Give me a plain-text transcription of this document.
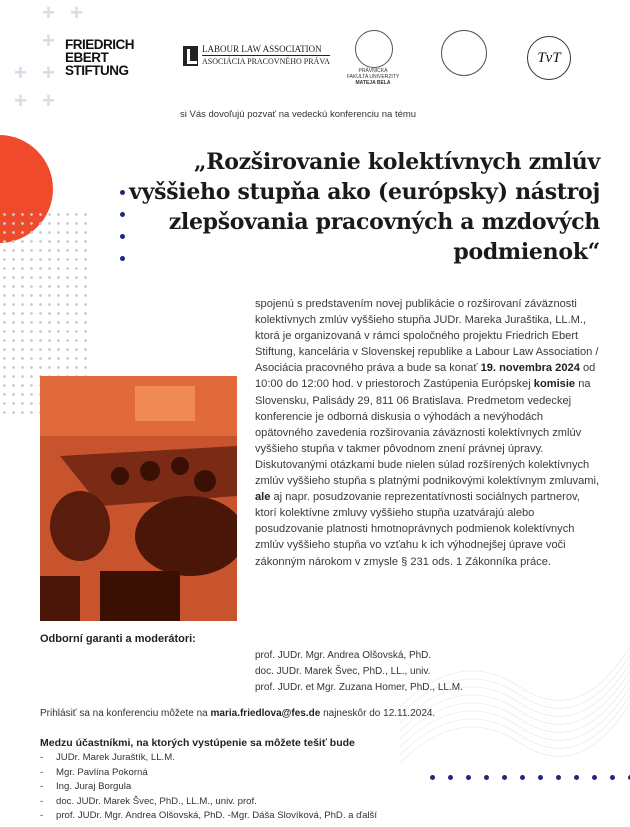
+ +
+
+ +
+ +
FRIEDRICH
EBERT
STIFTUNG
LABOUR LAW ASSOCIATION
ASOCIÁCIA PRACOVNÉHO PRÁVA
PRÁVNICKÁ
FAKULTA UNIVERZITY
MATEJA BELA
TvT
si Vás dovoľujú pozvať na vedeckú konferenciu na tému
„Rozširovanie kolektívnych zmlúv vyššieho stupňa ako (európsky) nástroj zlepšovania pracovných a mzdových podmienok“
spojenú s predstavením novej publikácie o rozširovaní záväznosti kolektívnych zmlúv vyššieho stupňa JUDr. Mareka Juraštika, LL.M., ktorá je organizovaná v rámci spoločného projektu Friedrich Ebert Stiftung, kancelária v Slovenskej republike a Labour Law Association / Asociácia pracovného práva a bude sa konať 19. novembra 2024 od 10:00 do 12:00 hod. v priestoroch Zastúpenia Európskej komisie na Slovensku, Palisády 29, 811 06 Bratislava. Predmetom vedeckej konferencie je odborná diskusia o výhodách a nevýhodách opätovného zavedenia rozširovania záväznosti kolektívnych zmlúv vyššieho stupňa v takmer pôvodnom znení právnej úpravy. Diskutovanými otázkami bude nielen súlad rozšírených kolektívnych zmlúv vyššieho stupňa s platnými podnikovými kolektívnym zmluvami, ale aj napr. posudzovanie reprezentatívnosti sociálnych partnerov, ktorí kolektívne zmluvy vyššieho stupňa uzatvárajú alebo posudzovanie platnosti hmotnoprávnych podmienok kolektívnych zmlúv vyššieho stupňa vo vzťahu k ich výhodnejšej úprave voči zákonným nárokom v zmysle § 231 ods. 1 Zákonníka práce.
Odborní garanti a moderátori:
prof. JUDr. Mgr. Andrea Olšovská, PhD.
doc. JUDr. Marek Švec, PhD., LL., univ.
prof. JUDr. et Mgr. Zuzana Homer, PhD., LL.M.
Prihlásiť sa na konferenciu môžete na maria.friedlova@fes.de najneskôr do 12.11.2024.
Medzu účastníkmi, na ktorých vystúpenie sa môžete tešiť bude
- JUDr. Marek Juraštík, LL.M.
- Mgr. Pavlína Pokorná
- Ing. Juraj Borgula
- doc. JUDr. Marek Švec, PhD., LL.M., univ. prof.
- prof. JUDr. Mgr. Andrea Olšovská, PhD. -Mgr. Dáša Slovíková, PhD. a ďalší
